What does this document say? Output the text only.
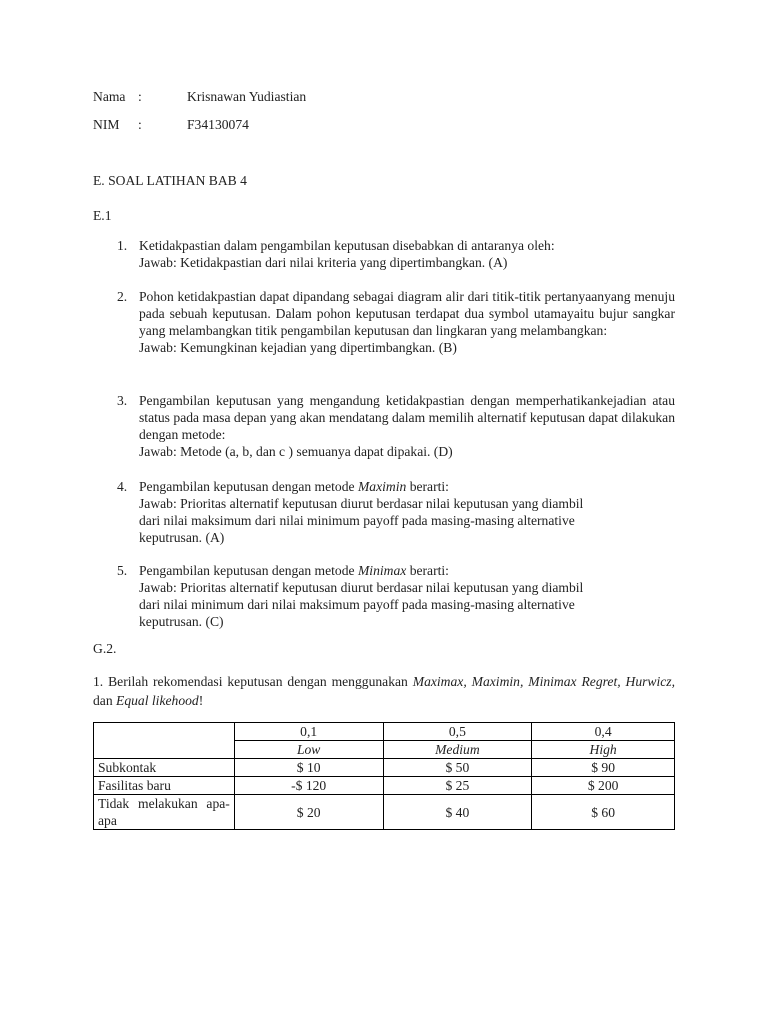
Nama :	Krisnawan Yudiastian
NIM :	F34130074
E. SOAL LATIHAN BAB 4
E.1
1. Ketidakpastian dalam pengambilan keputusan disebabkan di antaranya oleh:

Jawab: Ketidakpastian dari nilai kriteria yang dipertimbangkan. (A)

2. Pohon ketidakpastian dapat dipandang sebagai diagram alir dari titik-titik pertanyaanyang menuju pada sebuah keputusan. Dalam pohon keputusan terdapat dua symbol utamayaitu bujur sangkar yang melambangkan titik pengambilan keputusan dan lingkaran yang melambangkan:

Jawab: Kemungkinan kejadian yang dipertimbangkan. (B)

3. Pengambilan keputusan yang mengandung ketidakpastian dengan memperhatikankejadian atau status pada masa depan yang akan mendatang dalam memilih alternatif keputusan dapat dilakukan dengan metode:

Jawab: Metode (a, b, dan c ) semuanya dapat dipakai. (D)

4. Pengambilan keputusan dengan metode Maximin berarti:

Jawab: Prioritas alternatif keputusan diurut berdasar nilai keputusan yang diambil

dari nilai maksimum dari nilai minimum payoff pada masing-masing alternative

keputrusan. (A)

5. Pengambilan keputusan dengan metode Minimax berarti:

Jawab: Prioritas alternatif keputusan diurut berdasar nilai keputusan yang diambil

dari nilai minimum dari nilai maksimum payoff pada masing-masing alternative

keputrusan. (C)

G.2.

1. Berilah rekomendasi keputusan dengan menggunakan Maximax, Maximin, Minimax Regret, Hurwicz, dan Equal likehood!

	0,1	0,5	0,4
	Low	Medium	High
Subkontak	$ 10	$ 50	$ 90
Fasilitas baru	-$ 120	$ 25	$ 200
Tidak melakukan apa-apa	$ 20	$ 40	$ 60
